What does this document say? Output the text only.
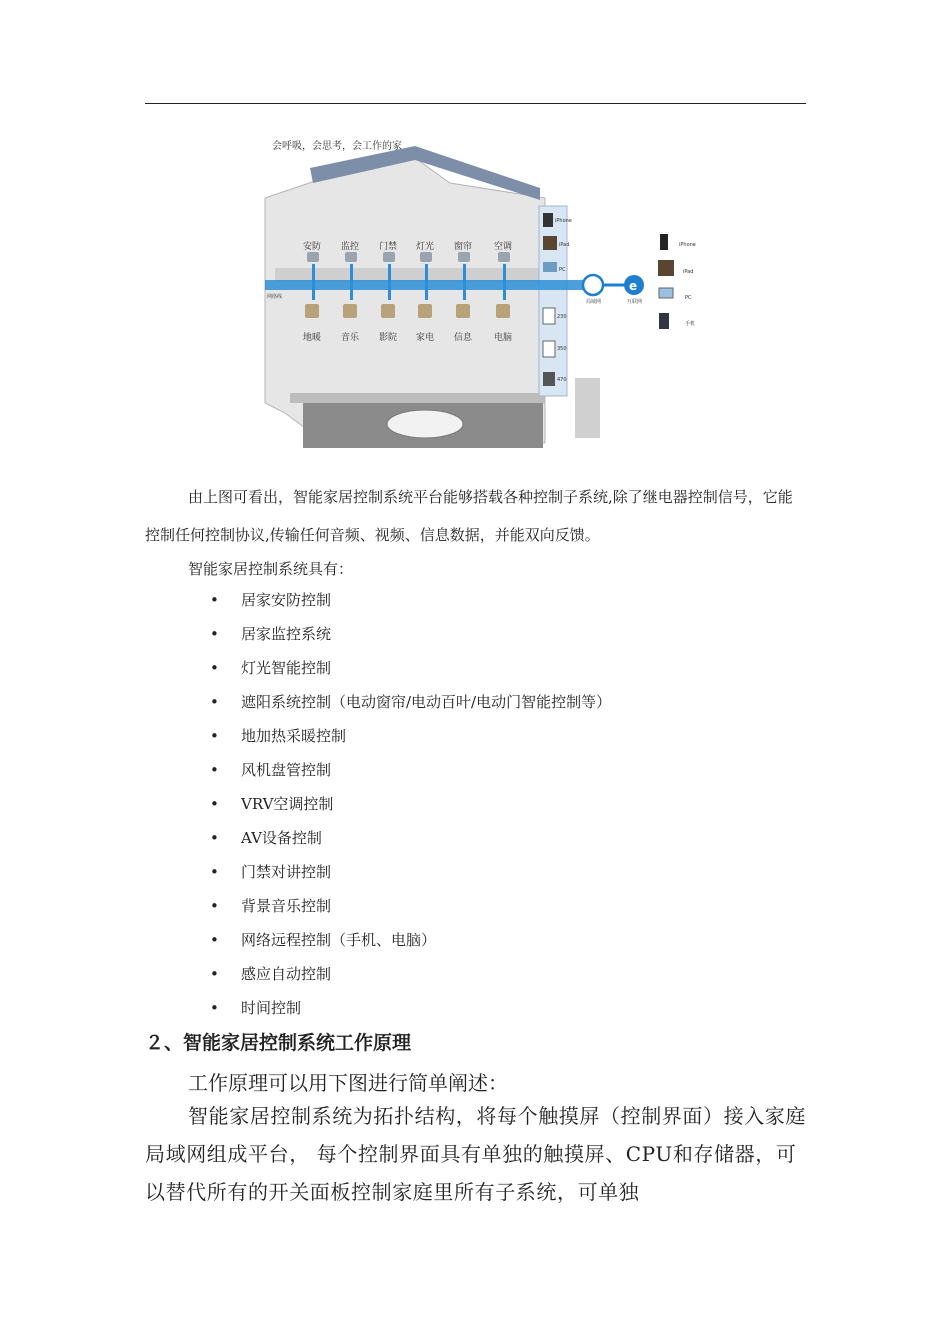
安防 监控 门禁 灯光 窗帘 空调
地暖 音乐 影院 家电 信息 电脑
网络线
iPhone
iPad
PC
230
350
470
e
局域网	互联网
iPhone
iPad
PC
手机
会呼吸，会思考，会工作的家
由上图可看出，智能家居控制系统平台能够搭载各种控制子系统,除了继电器控制信号，它能控制任何控制协议,传输任何音频、视频、信息数据，并能双向反馈。
智能家居控制系统具有：
• 居家安防控制
• 居家监控系统
• 灯光智能控制
• 遮阳系统控制（电动窗帘/电动百叶/电动门智能控制等）
• 地加热采暖控制
• 风机盘管控制
• VRV空调控制
• AV设备控制
• 门禁对讲控制
• 背景音乐控制
• 网络远程控制（手机、电脑）
• 感应自动控制
• 时间控制
２、智能家居控制系统工作原理
工作原理可以用下图进行简单阐述：
智能家居控制系统为拓扑结构，将每个触摸屏（控制界面）接入家庭局域网组成平台， 每个控制界面具有单独的触摸屏、CPU和存储器，可以替代所有的开关面板控制家庭里所有子系统，可单独
